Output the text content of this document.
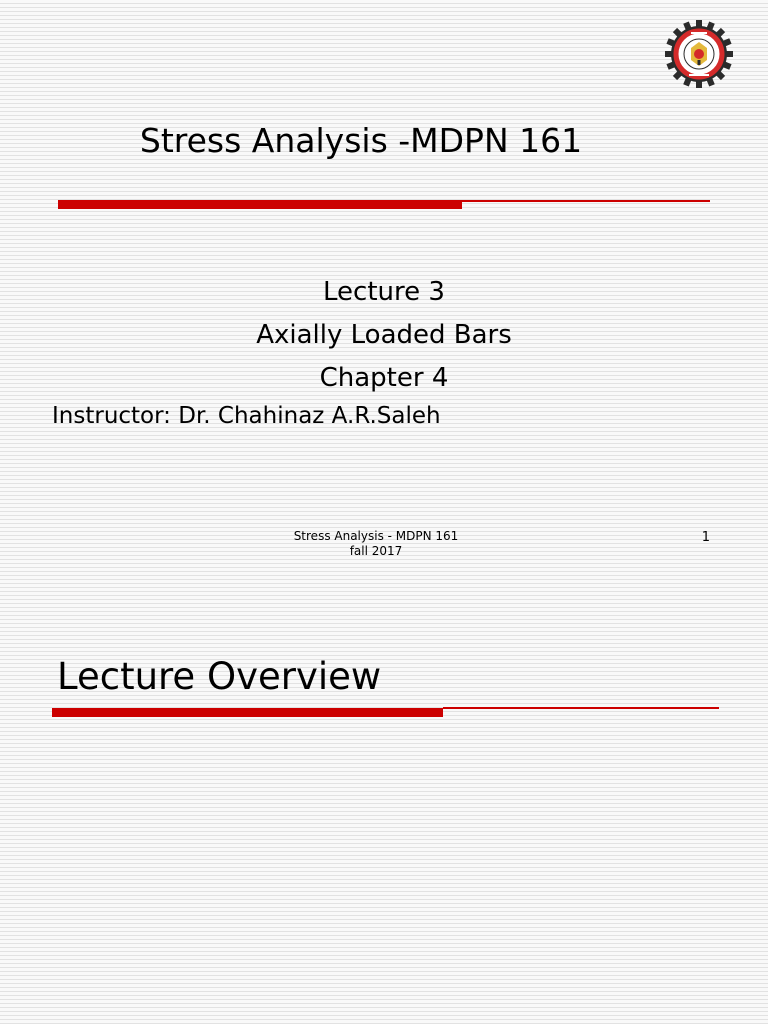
Stress Analysis -MDPN 161
Lecture 3
Axially Loaded Bars
Chapter 4
Instructor: Dr. Chahinaz A.R.Saleh
Stress Analysis - MDPN 161
fall 2017
1
Lecture Overview
